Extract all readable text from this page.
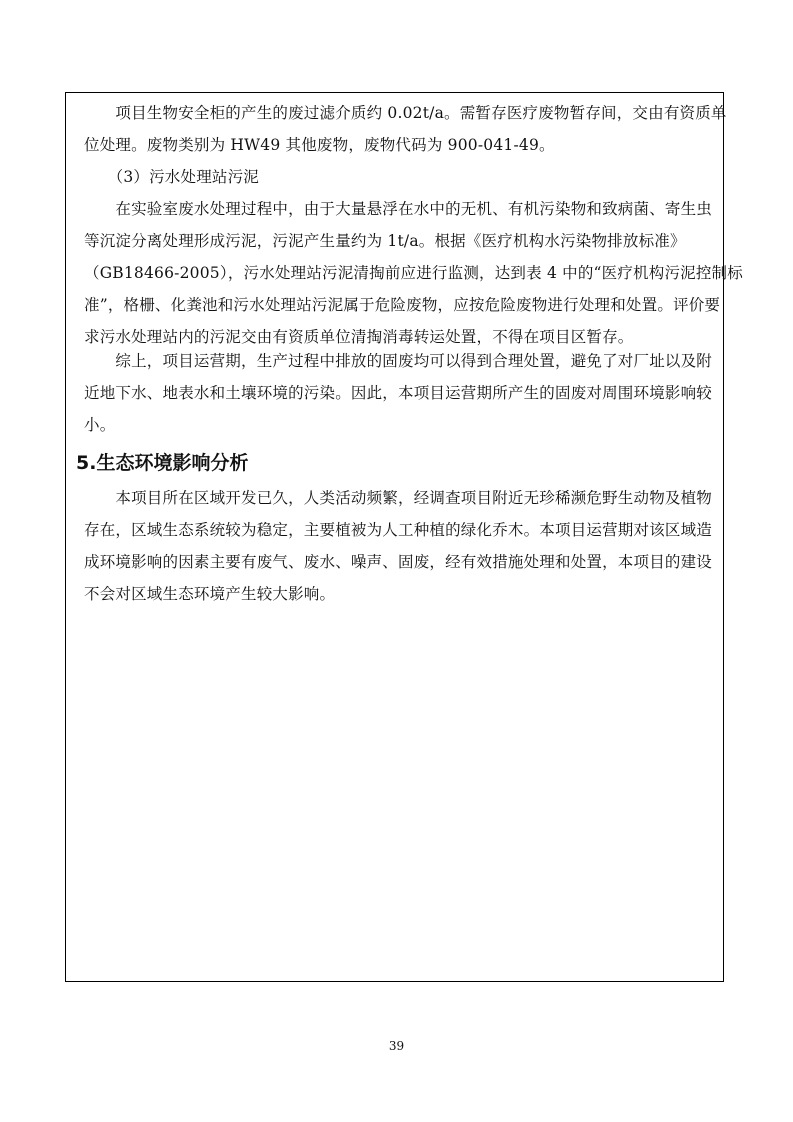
　　项目生物安全柜的产生的废过滤介质约 0.02t/a。需暂存医疗废物暂存间，交由有资质单
位处理。废物类别为 HW49 其他废物，废物代码为 900-041-49。
　　（3）污水处理站污泥
　　在实验室废水处理过程中，由于大量悬浮在水中的无机、有机污染物和致病菌、寄生虫
等沉淀分离处理形成污泥，污泥产生量约为 1t/a。根据《医疗机构水污染物排放标准》
（GB18466-2005），污水处理站污泥清掏前应进行监测，达到表 4 中的“医疗机构污泥控制标
准”，格栅、化粪池和污水处理站污泥属于危险废物，应按危险废物进行处理和处置。评价要
求污水处理站内的污泥交由有资质单位清掏消毒转运处置，不得在项目区暂存。
　　综上，项目运营期，生产过程中排放的固废均可以得到合理处置，避免了对厂址以及附
近地下水、地表水和土壤环境的污染。因此，本项目运营期所产生的固废对周围环境影响较
小。
5.生态环境影响分析
　　本项目所在区域开发已久，人类活动频繁，经调查项目附近无珍稀濒危野生动物及植物
存在，区域生态系统较为稳定，主要植被为人工种植的绿化乔木。本项目运营期对该区域造
成环境影响的因素主要有废气、废水、噪声、固废，经有效措施处理和处置，本项目的建设
不会对区域生态环境产生较大影响。
39
